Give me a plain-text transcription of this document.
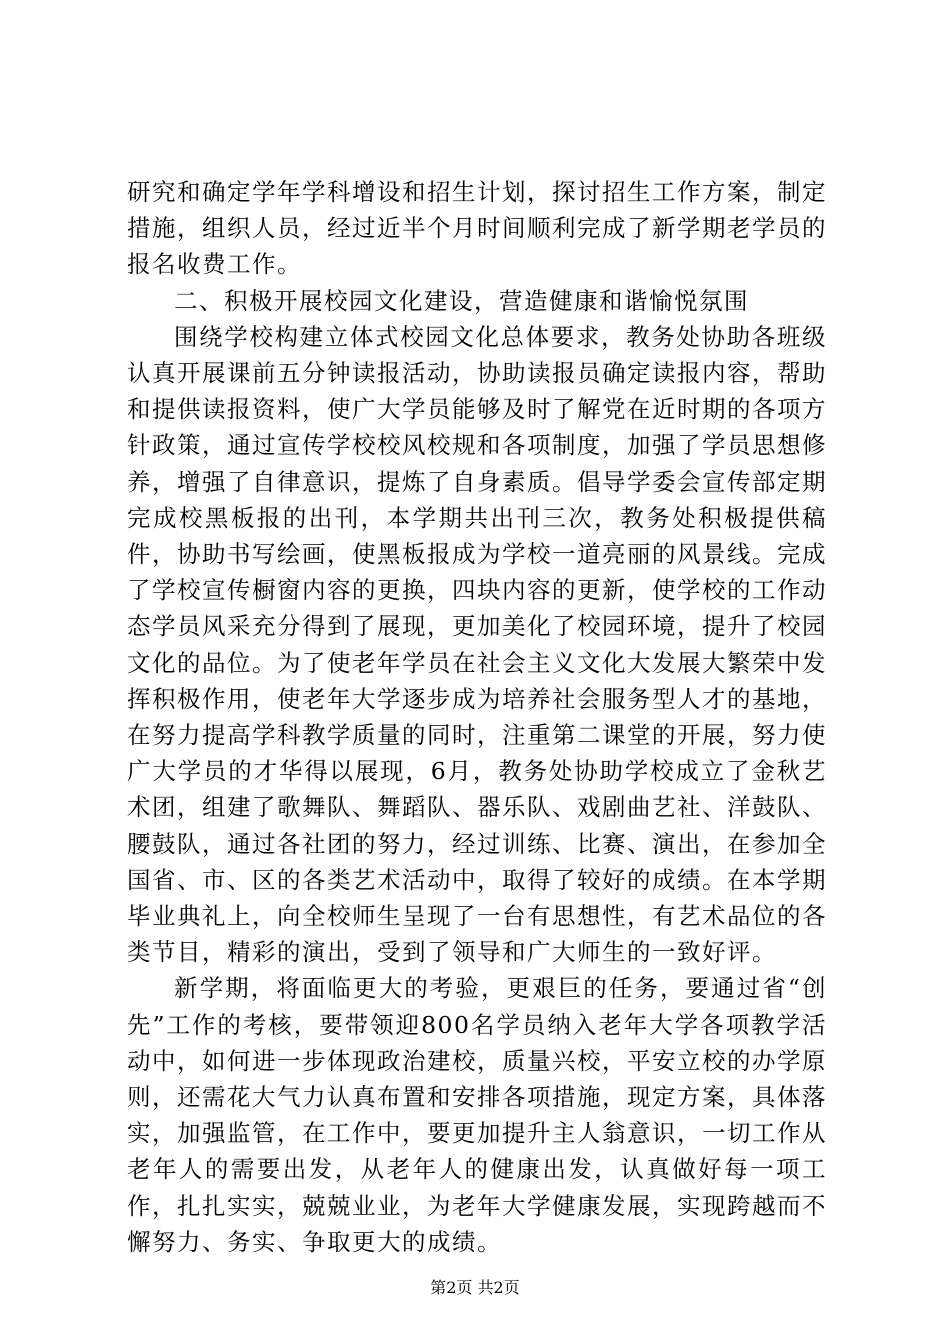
研究和确定学年学科增设和招生计划，探讨招生工作方案，制定措施，组织人员，经过近半个月时间顺利完成了新学期老学员的报名收费工作。

二、积极开展校园文化建设，营造健康和谐愉悦氛围

围绕学校构建立体式校园文化总体要求，教务处协助各班级认真开展课前五分钟读报活动，协助读报员确定读报内容，帮助和提供读报资料，使广大学员能够及时了解党在近时期的各项方针政策，通过宣传学校校风校规和各项制度，加强了学员思想修养，增强了自律意识，提炼了自身素质。倡导学委会宣传部定期完成校黑板报的出刊，本学期共出刊三次，教务处积极提供稿件，协助书写绘画，使黑板报成为学校一道亮丽的风景线。完成了学校宣传橱窗内容的更换，四块内容的更新，使学校的工作动态学员风采充分得到了展现，更加美化了校园环境，提升了校园文化的品位。为了使老年学员在社会主义文化大发展大繁荣中发挥积极作用，使老年大学逐步成为培养社会服务型人才的基地，在努力提高学科教学质量的同时，注重第二课堂的开展，努力使广大学员的才华得以展现，6月，教务处协助学校成立了金秋艺术团，组建了歌舞队、舞蹈队、器乐队、戏剧曲艺社、洋鼓队、腰鼓队，通过各社团的努力，经过训练、比赛、演出，在参加全国省、市、区的各类艺术活动中，取得了较好的成绩。在本学期毕业典礼上，向全校师生呈现了一台有思想性，有艺术品位的各类节目，精彩的演出，受到了领导和广大师生的一致好评。

新学期，将面临更大的考验，更艰巨的任务，要通过省“创先”工作的考核，要带领迎800名学员纳入老年大学各项教学活动中，如何进一步体现政治建校，质量兴校，平安立校的办学原则，还需花大气力认真布置和安排各项措施，现定方案，具体落实，加强监管，在工作中，要更加提升主人翁意识，一切工作从老年人的需要出发，从老年人的健康出发，认真做好每一项工作，扎扎实实，兢兢业业，为老年大学健康发展，实现跨越而不懈努力、务实、争取更大的成绩。

第2页 共2页
